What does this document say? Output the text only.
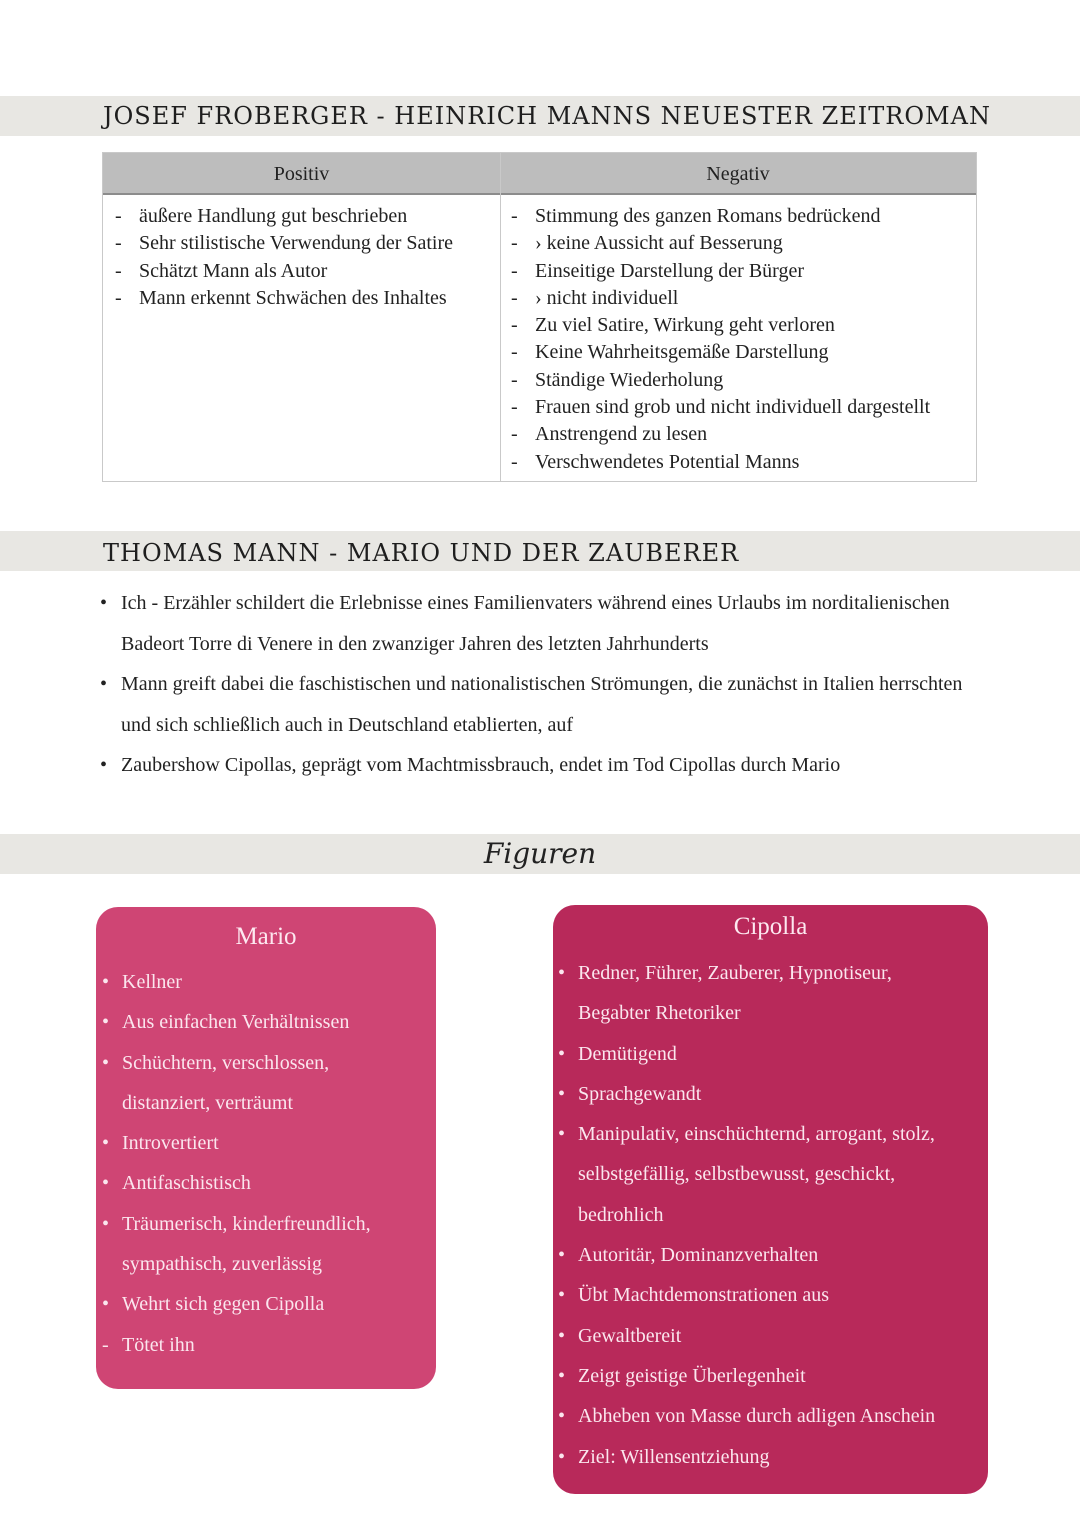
JOSEF FROBERGER - HEINRICH MANNS NEUESTER ZEITROMAN
Positiv	Negativ
- äußere Handlung gut beschrieben
- Sehr stilistische Verwendung der Satire
- Schätzt Mann als Autor
- Mann erkennt Schwächen des Inhaltes
- Stimmung des ganzen Romans bedrückend
- › keine Aussicht auf Besserung
- Einseitige Darstellung der Bürger
- › nicht individuell
- Zu viel Satire, Wirkung geht verloren
- Keine Wahrheitsgemäße Darstellung
- Ständige Wiederholung
- Frauen sind grob und nicht individuell dargestellt
- Anstrengend zu lesen
- Verschwendetes Potential Manns
THOMAS MANN - MARIO UND DER ZAUBERER
• Ich - Erzähler schildert die Erlebnisse eines Familienvaters während eines Urlaubs im norditalienischen Badeort Torre di Venere in den zwanziger Jahren des letzten Jahrhunderts
• Mann greift dabei die faschistischen und nationalistischen Strömungen, die zunächst in Italien herrschten und sich schließlich auch in Deutschland etablierten, auf
• Zaubershow Cipollas, geprägt vom Machtmissbrauch, endet im Tod Cipollas durch Mario
Figuren
Mario
• Kellner
• Aus einfachen Verhältnissen
• Schüchtern, verschlossen,
distanziert, verträumt
• Introvertiert
• Antifaschistisch
• Träumerisch, kinderfreundlich,
sympathisch, zuverlässig
• Wehrt sich gegen Cipolla
- Tötet ihn
Cipolla
• Redner, Führer, Zauberer, Hypnotiseur,
Begabter Rhetoriker
• Demütigend
• Sprachgewandt
• Manipulativ, einschüchternd, arrogant, stolz,
selbstgefällig, selbstbewusst, geschickt,
bedrohlich
• Autoritär, Dominanzverhalten
• Übt Machtdemonstrationen aus
• Gewaltbereit
• Zeigt geistige Überlegenheit
• Abheben von Masse durch adligen Anschein
• Ziel: Willensentziehung
